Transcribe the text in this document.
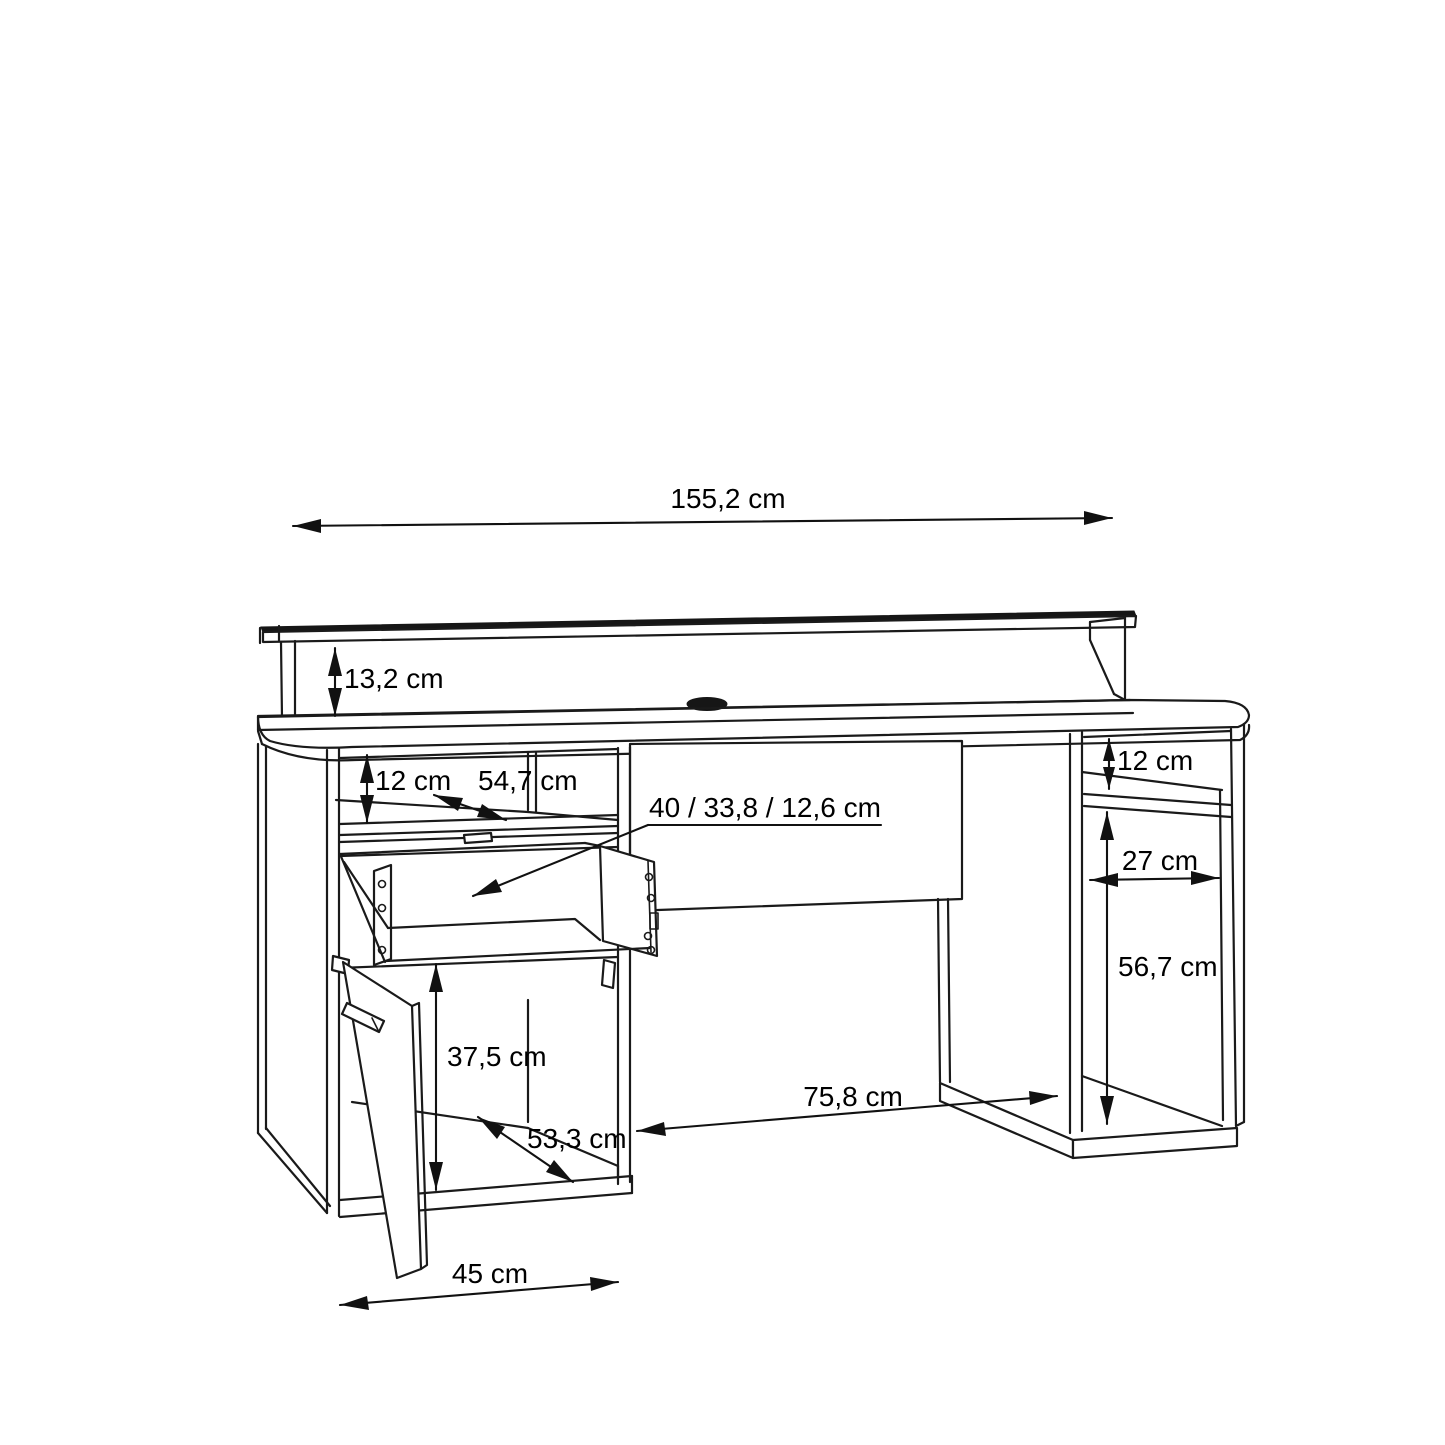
155,2 cm
13,2 cm
12 cm 54,7 cm
40 / 33,8 / 12,6 cm
37,5 cm
53,3 cm
45 cm
75,8 cm
12 cm
27 cm
56,7 cm
